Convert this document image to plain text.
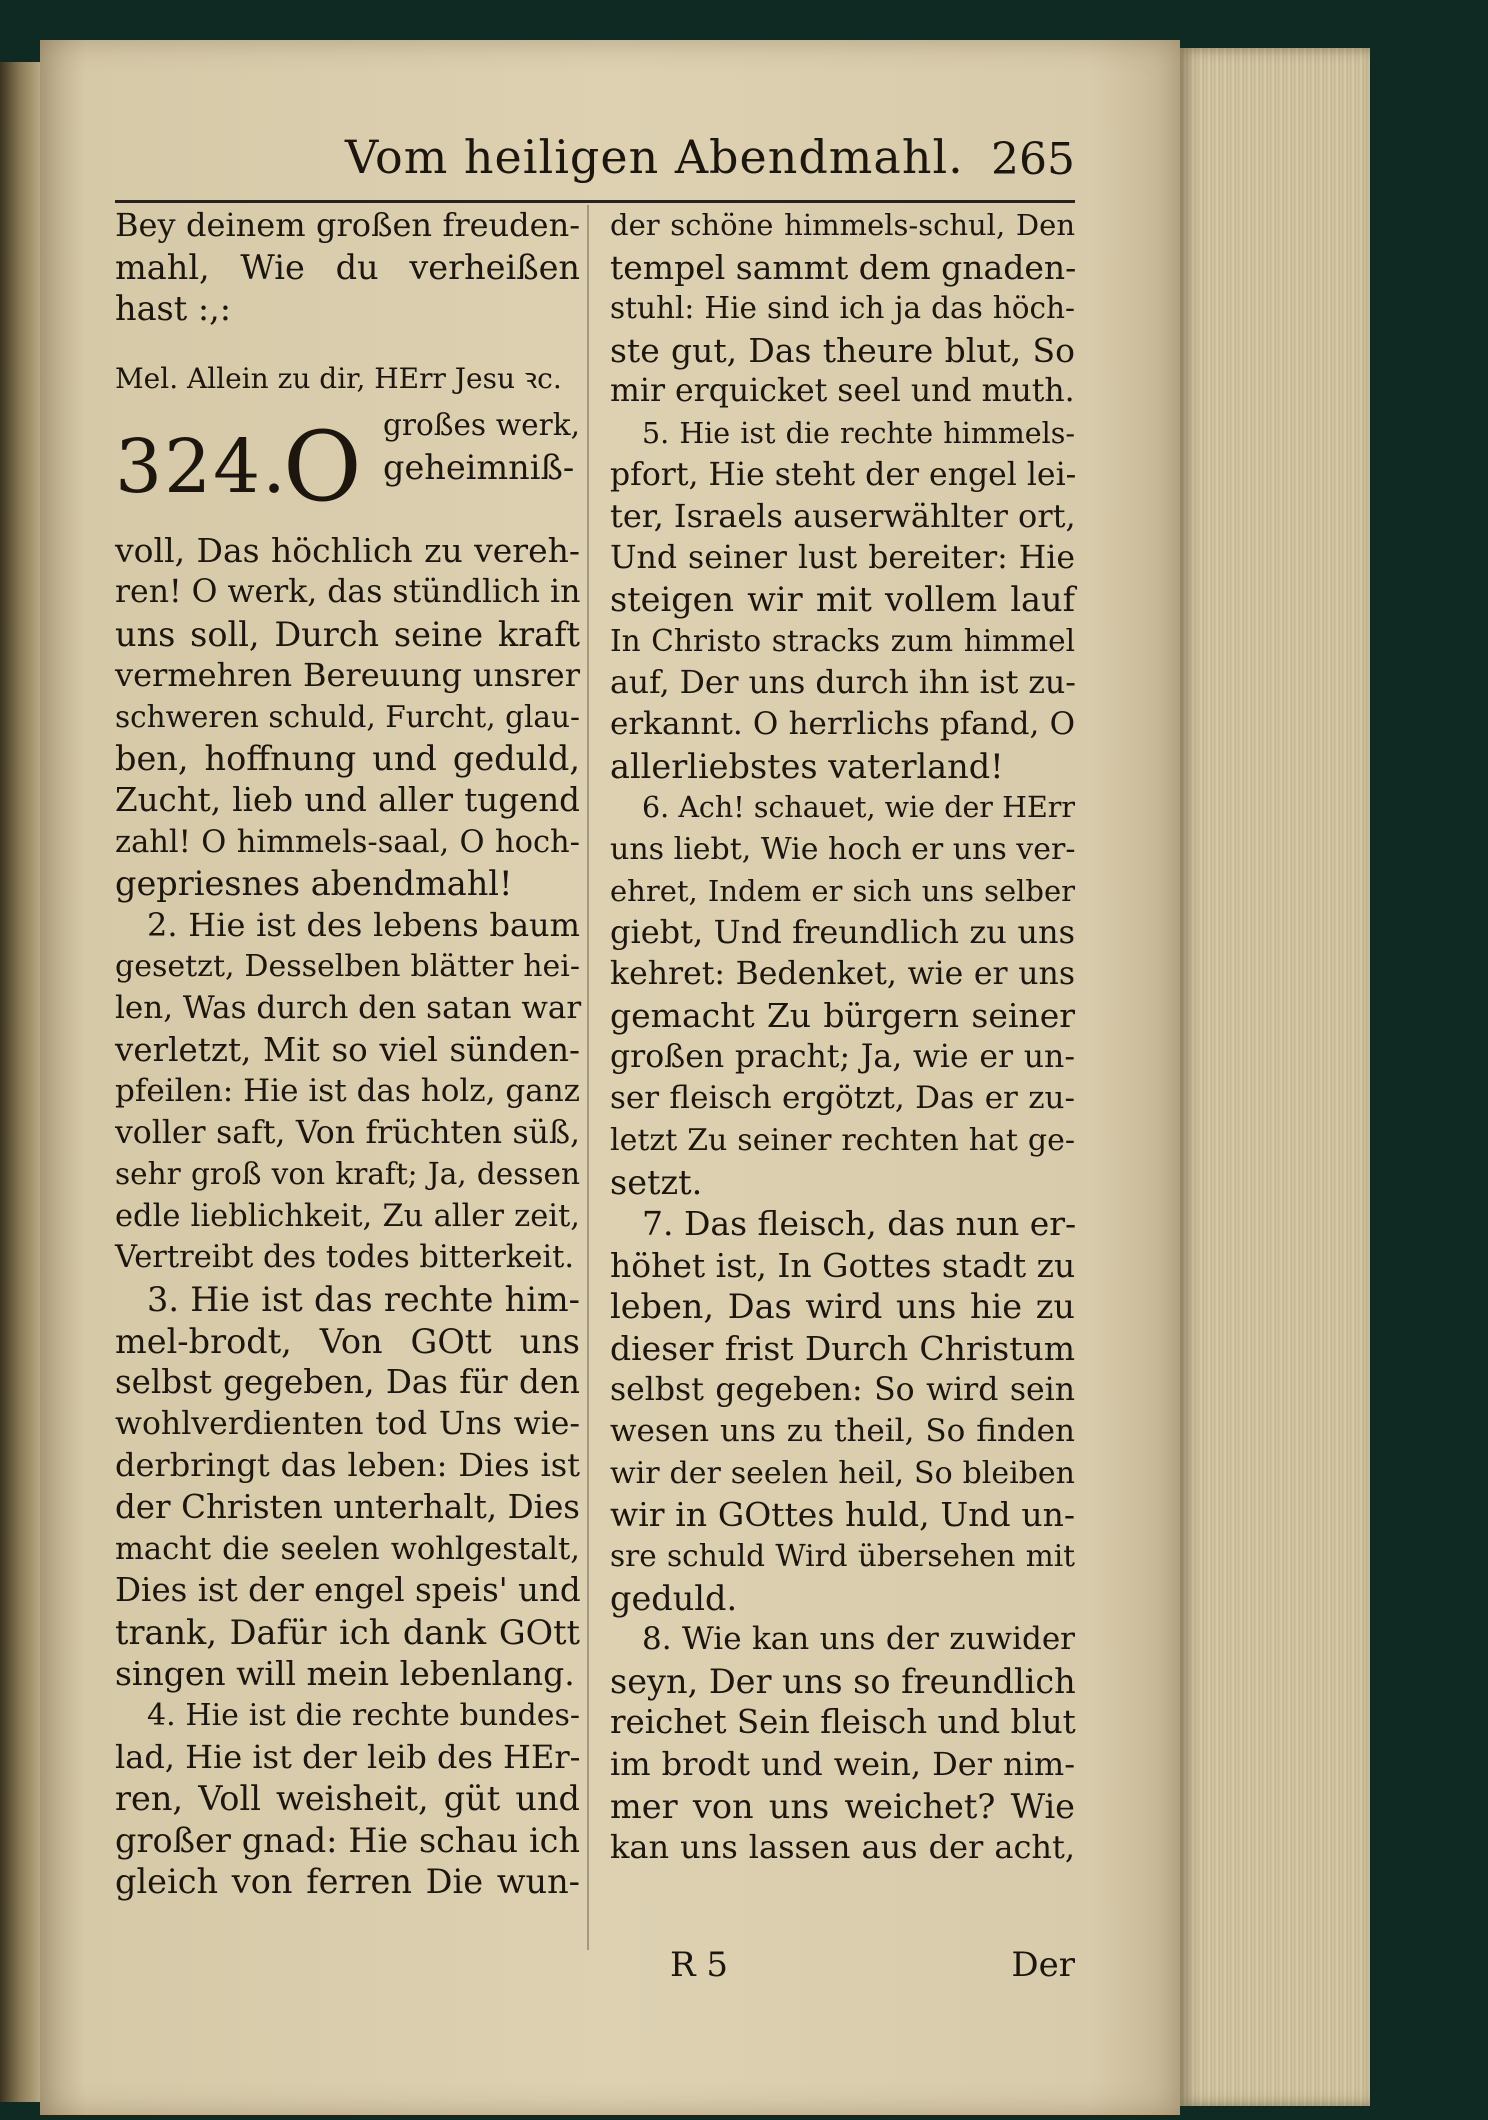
Vom heiligen Abendmahl. 265
Bey deinem großen freuden-
mahl, Wie du verheißen
hast :,:
Mel. Allein zu dir, HErr Jesu ꝛc.
324.
O großes werk,
geheimniß-
voll, Das höchlich zu vereh-
ren! O werk, das stündlich in
uns soll, Durch seine kraft
vermehren Bereuung unsrer
schweren schuld, Furcht, glau-
ben, hoffnung und geduld,
Zucht, lieb und aller tugend
zahl! O himmels-saal, O hoch-
gepriesnes abendmahl!
2. Hie ist des lebens baum
gesetzt, Desselben blätter hei-
len, Was durch den satan war
verletzt, Mit so viel sünden-
pfeilen: Hie ist das holz, ganz
voller saft, Von früchten süß,
sehr groß von kraft; Ja, dessen
edle lieblichkeit, Zu aller zeit,
Vertreibt des todes bitterkeit.
3. Hie ist das rechte him-
mel-brodt, Von GOtt uns
selbst gegeben, Das für den
wohlverdienten tod Uns wie-
derbringt das leben: Dies ist
der Christen unterhalt, Dies
macht die seelen wohlgestalt,
Dies ist der engel speis' und
trank, Dafür ich dank GOtt
singen will mein lebenlang.
4. Hie ist die rechte bundes-
lad, Hie ist der leib des HEr-
ren, Voll weisheit, güt und
großer gnad: Hie schau ich
gleich von ferren Die wun-
der schöne himmels-schul, Den
tempel sammt dem gnaden-
stuhl: Hie sind ich ja das höch-
ste gut, Das theure blut, So
mir erquicket seel und muth.
5. Hie ist die rechte himmels-
pfort, Hie steht der engel lei-
ter, Israels auserwählter ort,
Und seiner lust bereiter: Hie
steigen wir mit vollem lauf
In Christo stracks zum himmel
auf, Der uns durch ihn ist zu-
erkannt. O herrlichs pfand, O
allerliebstes vaterland!
6. Ach! schauet, wie der HErr
uns liebt, Wie hoch er uns ver-
ehret, Indem er sich uns selber
giebt, Und freundlich zu uns
kehret: Bedenket, wie er uns
gemacht Zu bürgern seiner
großen pracht; Ja, wie er un-
ser fleisch ergötzt, Das er zu-
letzt Zu seiner rechten hat ge-
setzt.
7. Das fleisch, das nun er-
höhet ist, In Gottes stadt zu
leben, Das wird uns hie zu
dieser frist Durch Christum
selbst gegeben: So wird sein
wesen uns zu theil, So finden
wir der seelen heil, So bleiben
wir in GOttes huld, Und un-
sre schuld Wird übersehen mit
geduld.
8. Wie kan uns der zuwider
seyn, Der uns so freundlich
reichet Sein fleisch und blut
im brodt und wein, Der nim-
mer von uns weichet? Wie
kan uns lassen aus der acht,
R 5	Der
